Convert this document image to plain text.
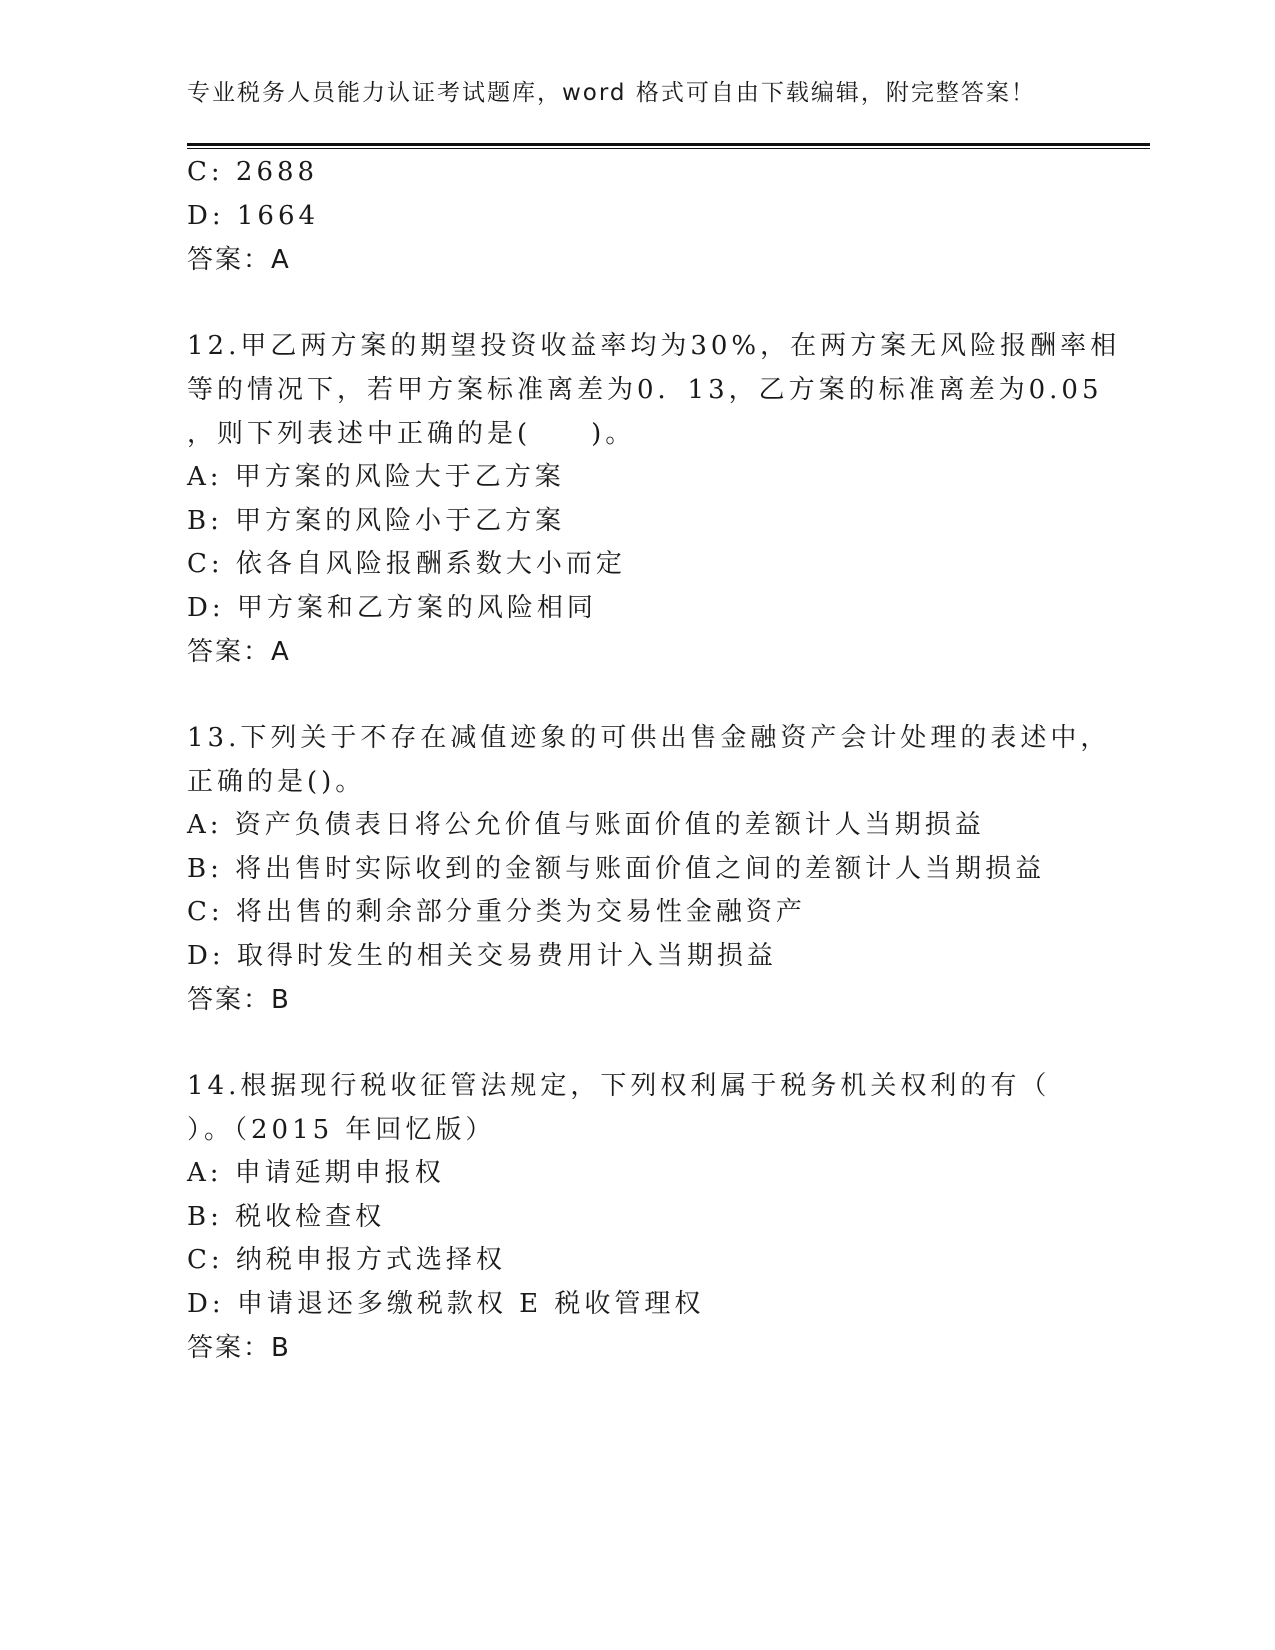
专业税务人员能力认证考试题库，word 格式可自由下载编辑，附完整答案！
C: 2688
D: 1664
答案：A
12.甲乙两方案的期望投资收益率均为30%，在两方案无风险报酬率相
等的情况下，若甲方案标准离差为0．13，乙方案的标准离差为0.05
，则下列表述中正确的是(　　)。
A: 甲方案的风险大于乙方案
B: 甲方案的风险小于乙方案
C: 依各自风险报酬系数大小而定
D: 甲方案和乙方案的风险相同
答案：A
13.下列关于不存在减值迹象的可供出售金融资产会计处理的表述中，
正确的是()。
A: 资产负债表日将公允价值与账面价值的差额计人当期损益
B: 将出售时实际收到的金额与账面价值之间的差额计人当期损益
C: 将出售的剩余部分重分类为交易性金融资产
D: 取得时发生的相关交易费用计入当期损益
答案：B
14.根据现行税收征管法规定，下列权利属于税务机关权利的有（
）。（2015 年回忆版）
A: 申请延期申报权
B: 税收检查权
C: 纳税申报方式选择权
D: 申请退还多缴税款权 E 税收管理权
答案：B
